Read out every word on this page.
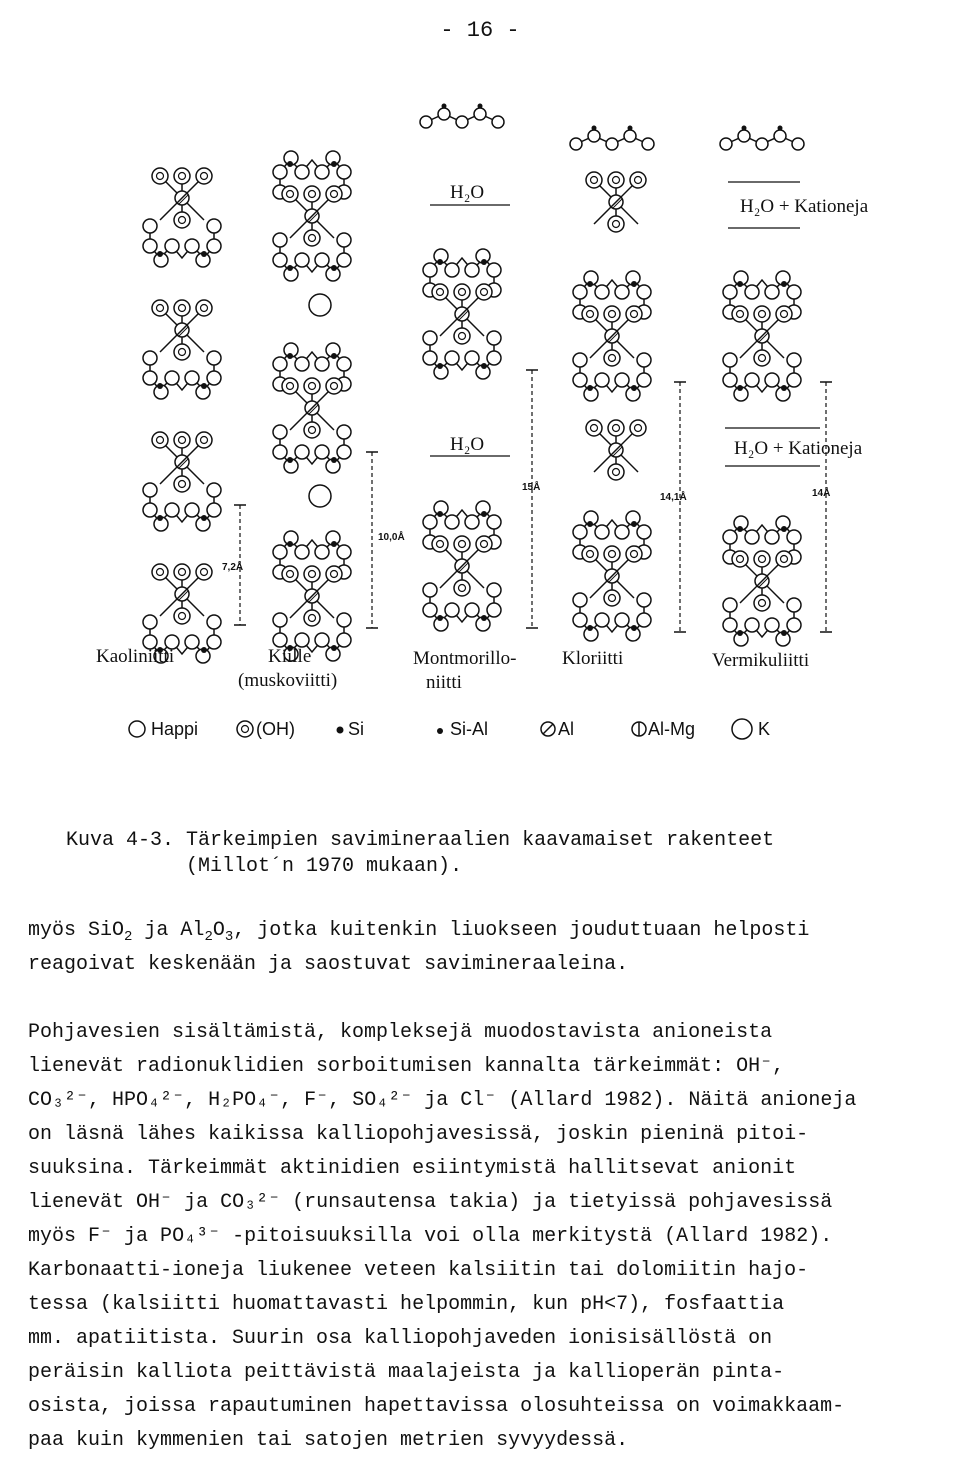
- 16 -
7,2Å
10,0Å
H₂O
H₂O
15Å
14,1Å
H₂O + Kationeja
H₂O + Kationeja
14Å
Kaoliniitti	Kiille
(muskoviitti)
Montmorillo-
niitti
Kloriitti	Vermikuliitti
Happi	(OH)	Si	Si-Al	Al	Al-Mg	K
Kuva 4-3. Tärkeimpien savimineraalien kaavamaiset rakenteet
(Millot´n 1970 mukaan).
myös SiO$_2$ ja $Al_2O_3$, jotka kuitenkin liuokseen jouduttuaan helposti
reagoivat keskenään ja saostuvat savimineraaleina.
Pohjavesien sisältämistä, kompleksejä muodostavista anioneista
lienevät radionuklidien sorboitumisen kannalta tärkeimmät: OH⁻,
CO₃²⁻, HPO₄²⁻, H₂PO₄⁻, F⁻, SO₄²⁻ ja Cl⁻ (Allard 1982). Näitä anioneja
on läsnä lähes kaikissa kalliopohjavesissä, joskin pieninä pitoi-
suuksina. Tärkeimmät aktinidien esiintymistä hallitsevat anionit
lienevät OH⁻ ja CO₃²⁻ (runsautensa takia) ja tietyissä pohjavesissä
myös F⁻ ja PO₄³⁻ -pitoisuuksilla voi olla merkitystä (Allard 1982).
Karbonaatti-ioneja liukenee veteen kalsiitin tai dolomiitin hajo-
tessa (kalsiitti huomattavasti helpommin, kun pH<7), fosfaattia
mm. apatiitista. Suurin osa kalliopohjaveden ionisisällöstä on
peräisin kalliota peittävistä maalajeista ja kallioperän pinta-
osista, joissa rapautuminen hapettavissa olosuhteissa on voimakkaam-
paa kuin kymmenien tai satojen metrien syvyydessä.
